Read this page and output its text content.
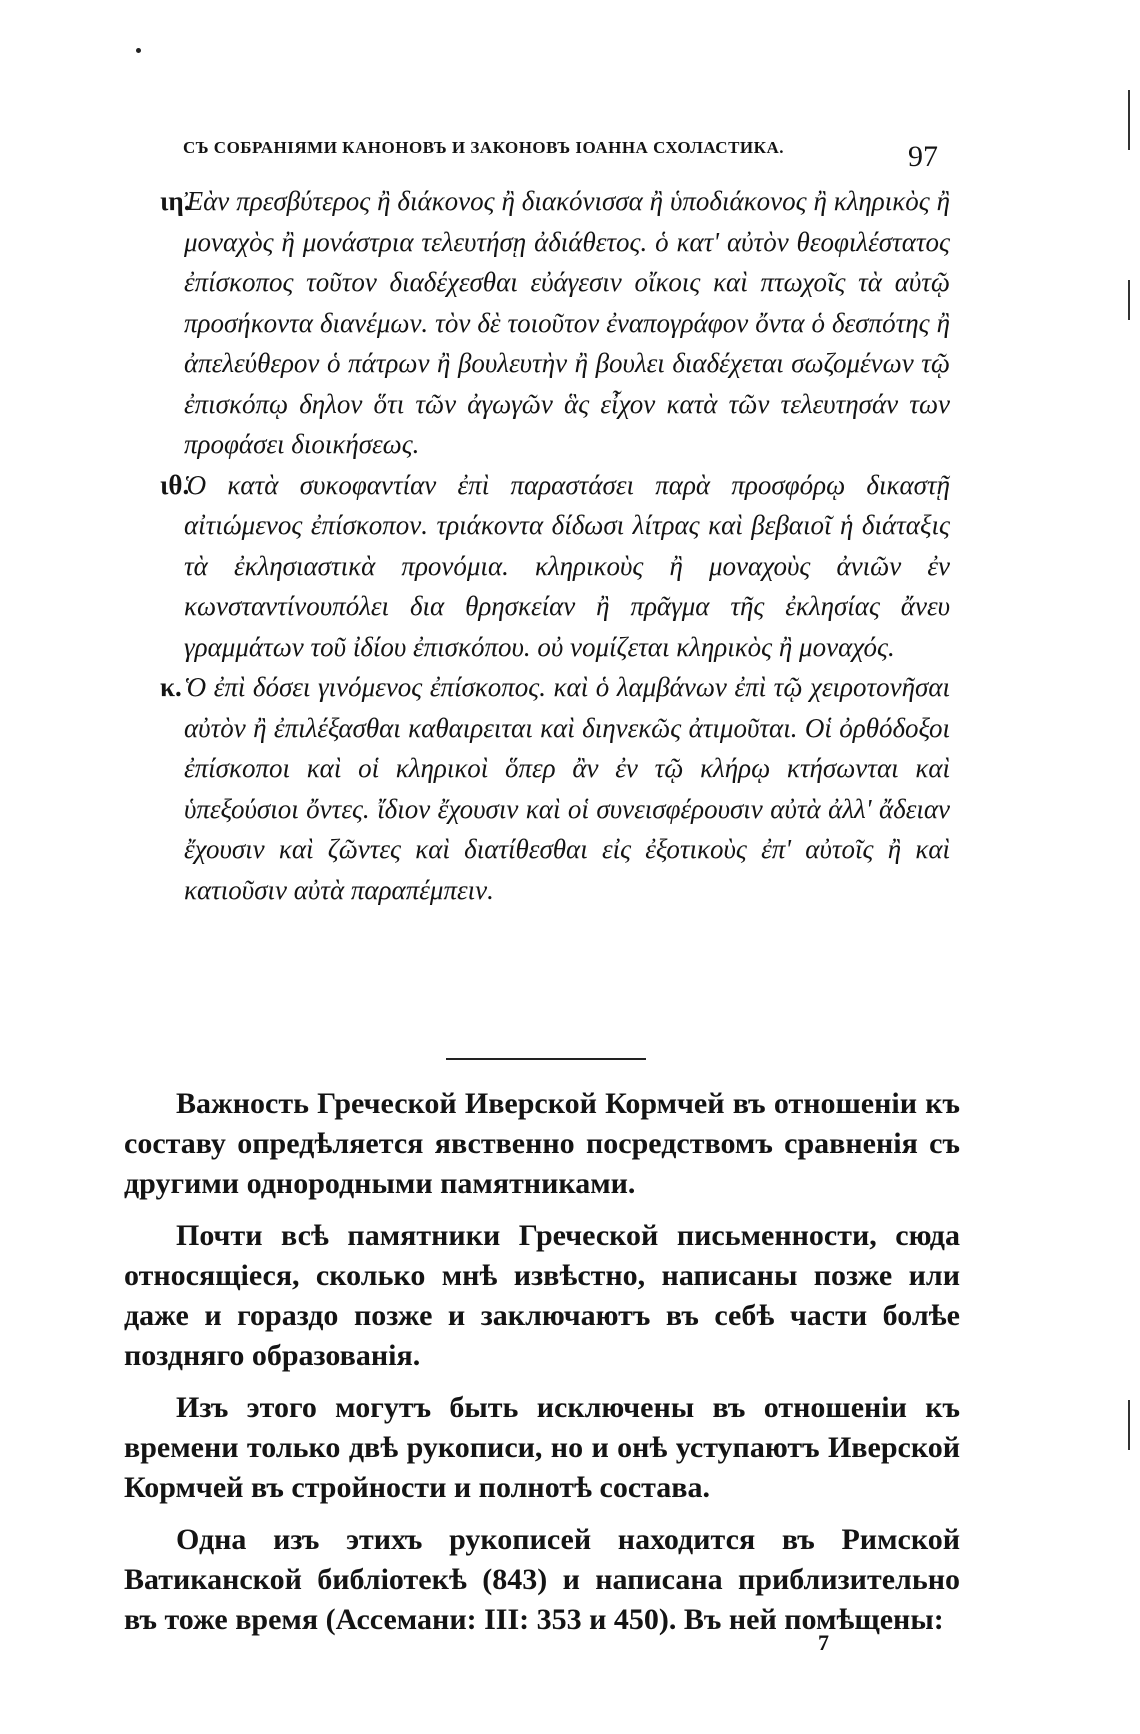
СЪ СОБРАНІЯМИ КАНОНОВЪ И ЗАКОНОВЪ ІОАННА СХОЛАСТИКА.	97
ιη.
Ἐὰν πρεσβύτερος ἢ διάκονος ἢ διακόνισσα ἢ ὑποδιάκονος ἢ κληρικὸς ἢ μοναχὸς ἢ μονάστρια τελευτήσῃ ἀδιάθετος. ὁ κατ' αὐτὸν θεοφιλέστατος ἐπίσκοπος τοῦτον διαδέχεσθαι εὐάγεσιν οἴκοις καὶ πτωχοῖς τὰ αὐτῷ προσήκοντα διανέμων. τὸν δὲ τοιοῦτον ἐναπογράφον ὄντα ὁ δεσπότης ἢ ἀπελεύθερον ὁ πάτρων ἢ βουλευτὴν ἢ βουλει διαδέχεται σωζομένων τῷ ἐπισκόπῳ δηλον ὅτι τῶν ἀγωγῶν ἃς εἶχον κατὰ τῶν τελευτησάν των προφάσει διοικήσεως.
ιθ.
Ὁ κατὰ συκοφαντίαν ἐπὶ παραστάσει παρὰ προσφόρῳ δικαστῇ αἰτιώμενος ἐπίσκοπον. τριάκοντα δίδωσι λίτρας καὶ βεβαιοῖ ἡ διάταξις τὰ ἐκλησιαστικὰ προνόμια. κληρικοὺς ἢ μοναχοὺς ἀνιῶν ἐν κωνσταντίνουπόλει δια θρησκείαν ἢ πρᾶγμα τῆς ἐκλησίας ἄνευ γραμμάτων τοῦ ἰδίου ἐπισκόπου. οὐ νομίζεται κληρικὸς ἢ μοναχός.
κ. Ὁ ἐπὶ δόσει γινόμενος ἐπίσκοπος. καὶ ὁ λαμβάνων ἐπὶ τῷ χειροτονῆσαι αὐτὸν ἢ ἐπιλέξασθαι καθαιρειται καὶ διηνεκῶς ἀτιμοῦται. Οἱ ὀρθόδοξοι ἐπίσκοποι καὶ οἱ κληρικοὶ ὅπερ ἂν ἐν τῷ κλήρῳ κτήσωνται καὶ ὑπεξούσιοι ὄντες. ἴδιον ἔχουσιν καὶ οἱ συνεισφέρουσιν αὐτὰ ἀλλ' ἄδειαν ἔχουσιν καὶ ζῶντες καὶ διατίθεσθαι εἰς ἐξοτικοὺς ἐπ' αὐτοῖς ἢ καὶ κατιοῦσιν αὐτὰ παραπέμπειν.

Важность Греческой Иверской Кормчей въ отношеніи къ составу опредѣляется явственно посредствомъ сравненія съ другими однородными памятниками.

Почти всѣ памятники Греческой письменности, сюда относящіеся, сколько мнѣ извѣстно, написаны позже или даже и гораздо позже и заключаютъ въ себѣ части болѣе поздняго образованія.

Изъ этого могутъ быть исключены въ отношеніи къ времени только двѣ рукописи, но и онѣ уступаютъ Иверской Кормчей въ стройности и полнотѣ состава.

Одна изъ этихъ рукописей находится въ Римской Ватиканской библіотекѣ (843) и написана приблизительно въ тоже время (Ассемани: III: 353 и 450). Въ ней помѣщены:

7
